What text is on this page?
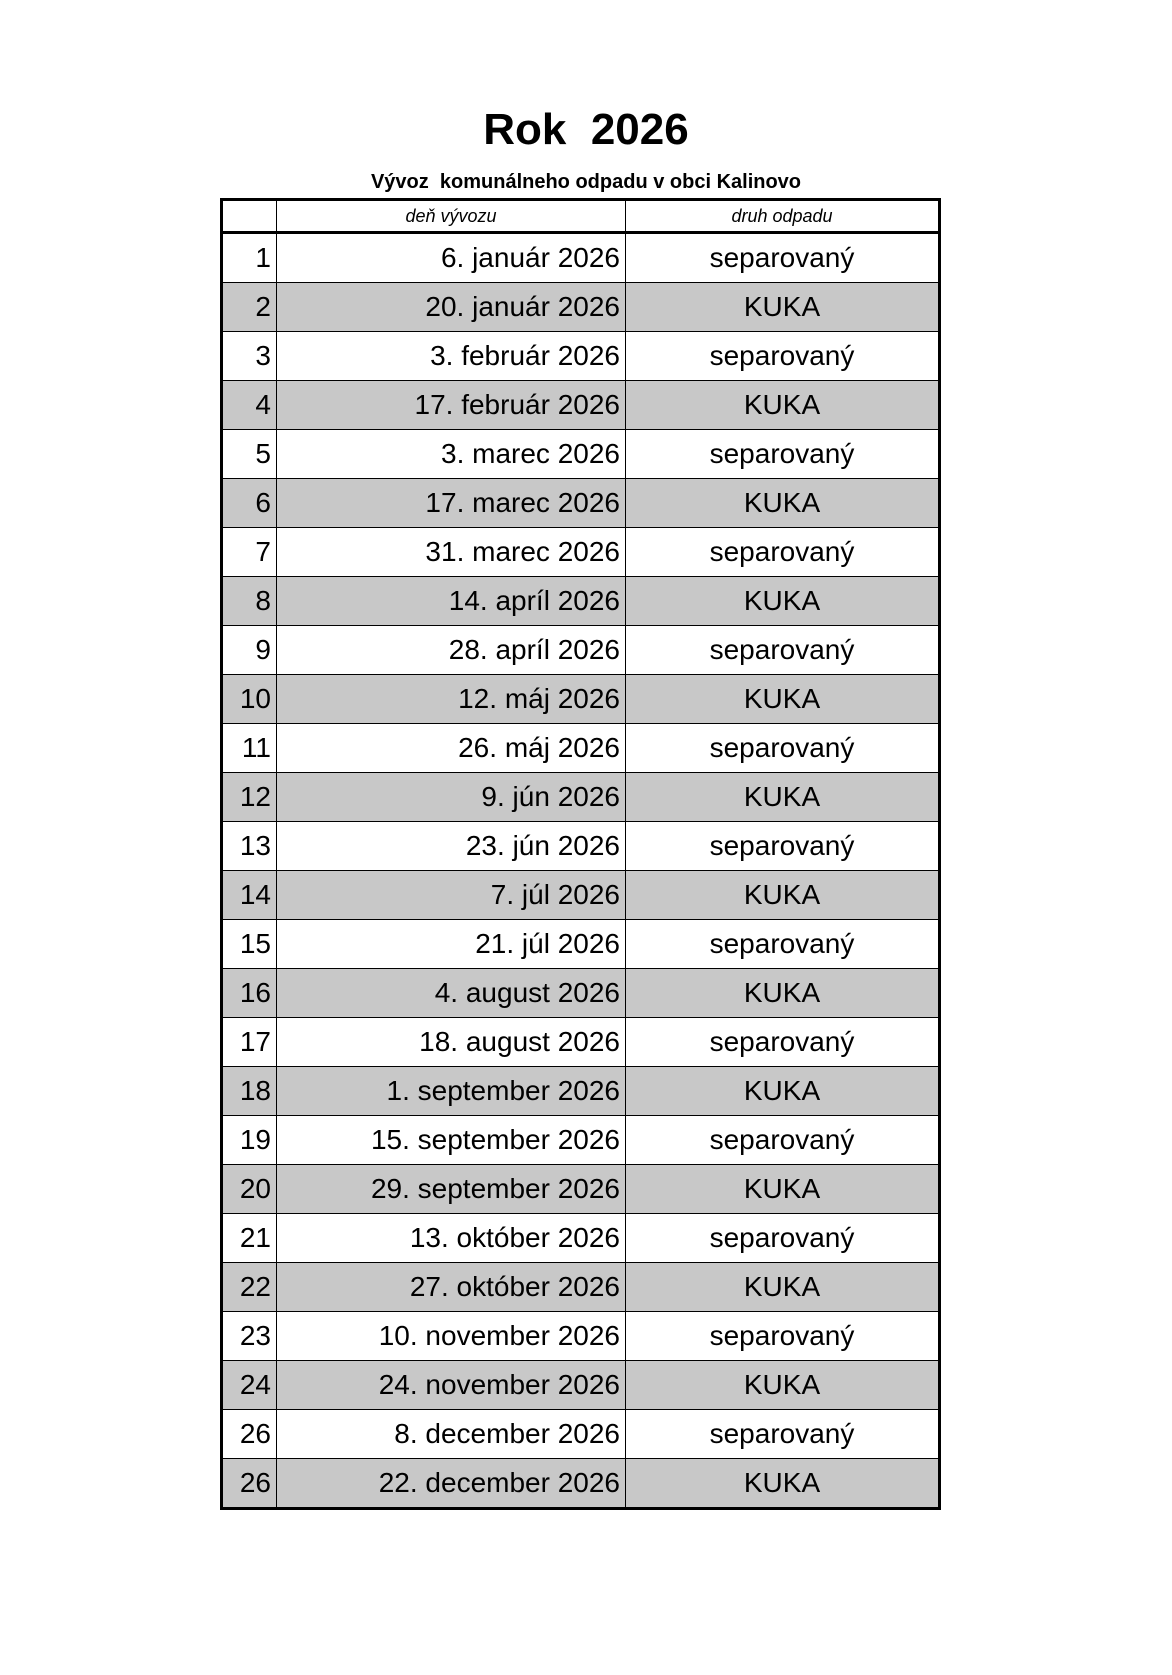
Rok  2026
Vývoz  komunálneho odpadu v obci Kalinovo
	deň vývozu	druh odpadu
1	6. január 2026	separovaný
2	20. január 2026	KUKA
3	3. február 2026	separovaný
4	17. február 2026	KUKA
5	3. marec 2026	separovaný
6	17. marec 2026	KUKA
7	31. marec 2026	separovaný
8	14. apríl 2026	KUKA
9	28. apríl 2026	separovaný
10	12. máj 2026	KUKA
11	26. máj 2026	separovaný
12	9. jún 2026	KUKA
13	23. jún 2026	separovaný
14	7. júl 2026	KUKA
15	21. júl 2026	separovaný
16	4. august 2026	KUKA
17	18. august 2026	separovaný
18	1. september 2026	KUKA
19	15. september 2026	separovaný
20	29. september 2026	KUKA
21	13. október 2026	separovaný
22	27. október 2026	KUKA
23	10. november 2026	separovaný
24	24. november 2026	KUKA
26	8. december 2026	separovaný
26	22. december 2026	KUKA
